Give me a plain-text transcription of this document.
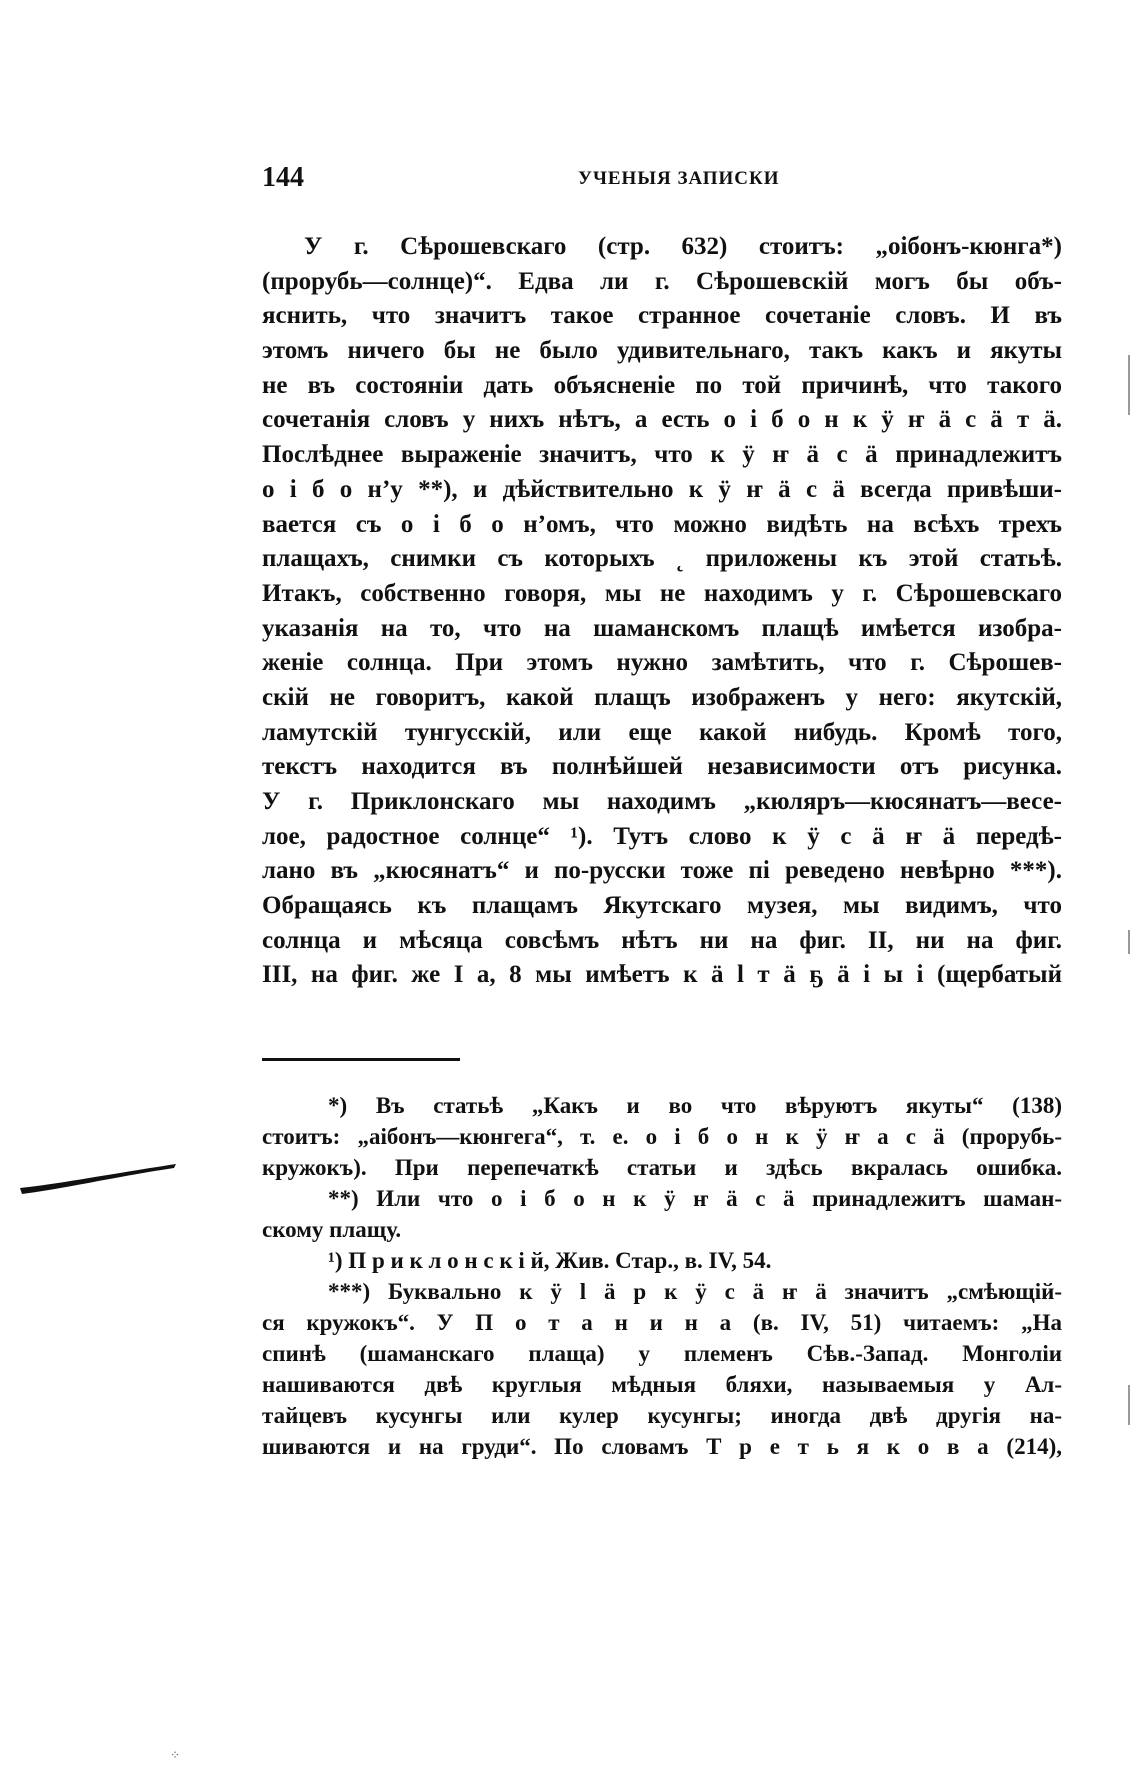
144	УЧЕНЫЯ ЗАПИСКИ
У г. Сѣрошевскаго (стр. 632) стоитъ: „оібонъ-кюнга*)
(прорубь—солнце)“. Едва ли г. Сѣрошевскій могъ бы объ-
яснить, что значитъ такое странное сочетаніе словъ. И въ
этомъ ничего бы не было удивительнаго, такъ какъ и якуты
не въ состояніи дать объясненіе по той причинѣ, что такого
сочетанія словъ у нихъ нѣтъ, а есть о і б о н к ӱ ҥ ӓ с ӓ т ӓ.
Послѣднее выраженіе значитъ, что к ӱ ҥ ӓ с ӓ принадлежитъ
о і б о н’у **), и дѣйствительно к ӱ ҥ ӓ с ӓ всегда привѣши-
вается съ о і б о н’омъ, что можно видѣть на всѣхъ трехъ
плащахъ, снимки съ которыхъ ˛ приложены къ этой статьѣ.
Итакъ, собственно говоря, мы не находимъ у г. Сѣрошевскаго
указанія на то, что на шаманскомъ плащѣ имѣется изобра-
женіе солнца. При этомъ нужно замѣтить, что г. Сѣрошев-
скій не говоритъ, какой плащъ изображенъ у него: якутскій,
ламутскій тунгусскій, или еще какой нибудь. Кромѣ того,
текстъ находится въ полнѣйшей независимости отъ рисунка.
У г. Приклонскаго мы находимъ „кюляръ—кюсянатъ—весе-
лое, радостное солнце“ ¹). Тутъ слово к ӱ с ӓ ҥ ӓ передѣ-
лано въ „кюсянатъ“ и по-русски тоже пі реведено невѣрно ***).
Обращаясь къ плащамъ Якутскаго музея, мы видимъ, что
солнца и мѣсяца совсѣмъ нѣтъ ни на фиг. II, ни на фиг.
III, на фиг. же I а, 8 мы имѣетъ к ӓ l т ӓ ҕ ӓ і ы і (щербатый
*) Въ статьѣ „Какъ и во что вѣруютъ якуты“ (138)
стоитъ: „аібонъ—кюнгега“, т. е. о і б о н к ӱ ҥ а с ӓ (прорубь-
кружокъ). При перепечаткѣ статьи и здѣсь вкралась ошибка.
**) Или что о і б о н к ӱ ҥ ӓ с ӓ принадлежитъ шаман-
скому плащу.
¹) П р и к л о н с к і й, Жив. Стар., в. IV, 54.
***) Буквально к ӱ l ӓ р к ӱ с ӓ ҥ ӓ значитъ „смѣющій-
ся кружокъ“. У П о т а н и н а (в. IV, 51) читаемъ: „На
спинѣ (шаманскаго плаща) у племенъ Сѣв.-Запад. Монголіи
нашиваются двѣ круглыя мѣдныя бляхи, называемыя у Ал-
тайцевъ кусунгы или кулер кусунгы; иногда двѣ другія на-
шиваются и на груди“. По словамъ Т р е т ь я к о в а (214),
⁘
